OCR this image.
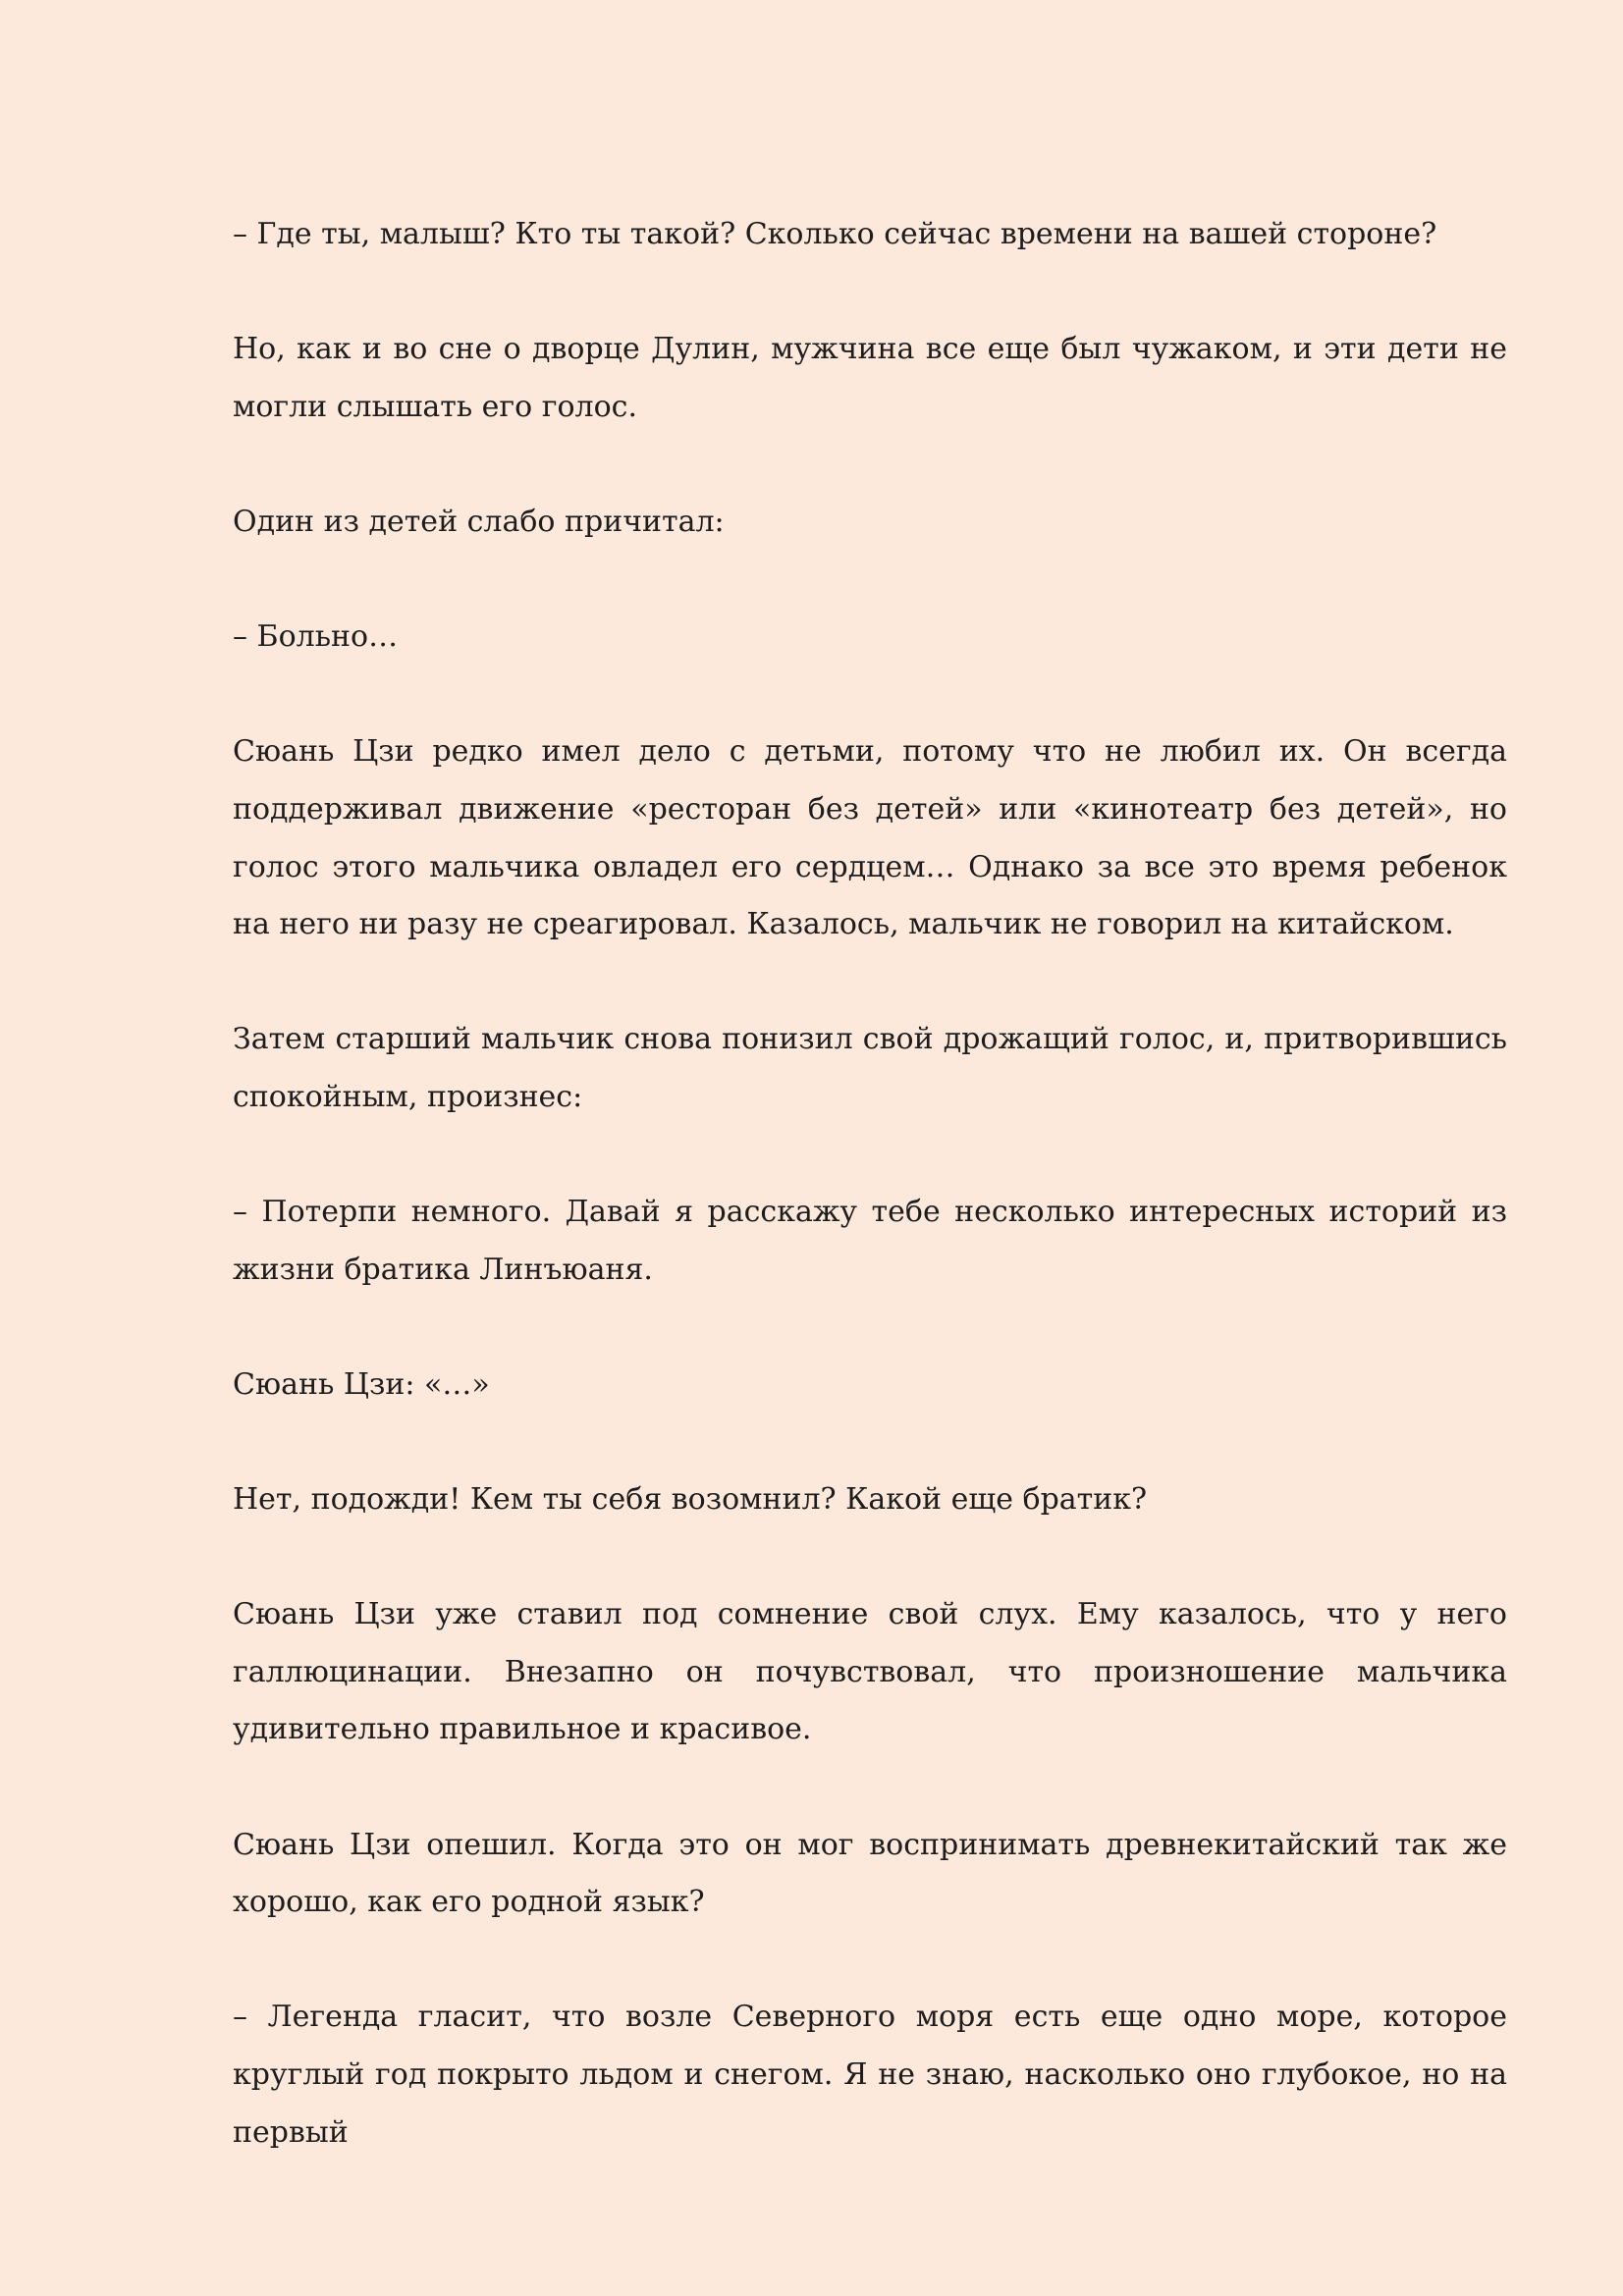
– Где ты, малыш? Кто ты такой? Сколько сейчас времени на вашей стороне?

Но, как и во сне о дворце Дулин, мужчина все еще был чужаком, и эти дети не могли слышать его голос.

Один из детей слабо причитал:

– Больно…

Сюань Цзи редко имел дело с детьми, потому что не любил их. Он всегда поддерживал движение «ресторан без детей» или «кинотеатр без детей», но голос этого мальчика овладел его сердцем… Однако за все это время ребенок на него ни разу не среагировал. Казалось, мальчик не говорил на китайском.

Затем старший мальчик снова понизил свой дрожащий голос, и, притворившись спокойным, произнес:

– Потерпи немного. Давай я расскажу тебе несколько интересных историй из жизни братика Линъюаня.

Сюань Цзи: «…»

Нет, подожди! Кем ты себя возомнил? Какой еще братик?

Сюань Цзи уже ставил под сомнение свой слух. Ему казалось, что у него галлюцинации. Внезапно он почувствовал, что произношение мальчика удивительно правильное и красивое.

Сюань Цзи опешил. Когда это он мог воспринимать древнекитайский так же хорошо, как его родной язык?

– Легенда гласит, что возле Северного моря есть еще одно море, которое круглый год покрыто льдом и снегом. Я не знаю, насколько оно глубокое, но на первый
